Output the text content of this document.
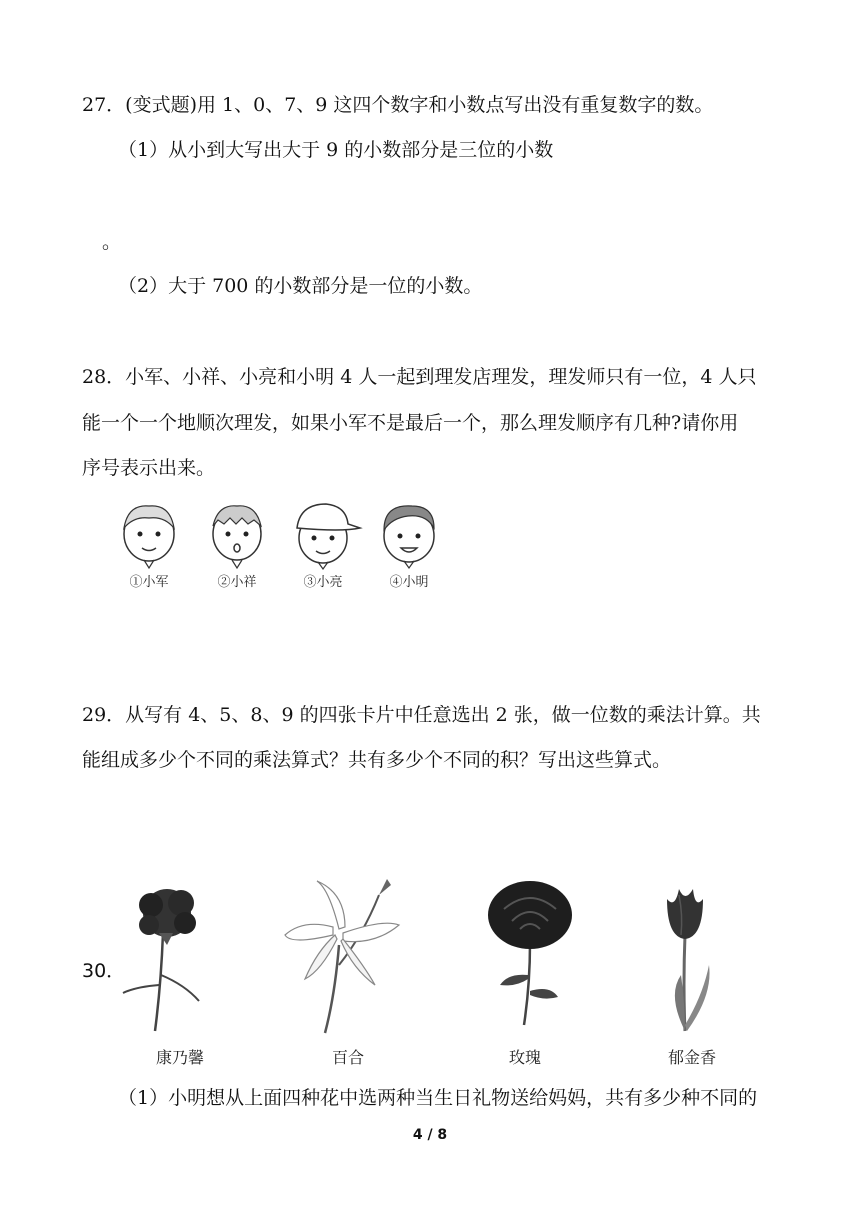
27．(变式题)用 1、0、7、9 这四个数字和小数点写出没有重复数字的数。
（1）从小到大写出大于 9 的小数部分是三位的小数
。
（2）大于 700 的小数部分是一位的小数。
28．小军、小祥、小亮和小明 4 人一起到理发店理发，理发师只有一位，4 人只
能一个一个地顺次理发，如果小军不是最后一个，那么理发顺序有几种?请你用
序号表示出来。
①小军	②小祥	③小亮	④小明
29．从写有 4、5、8、9 的四张卡片中任意选出 2 张，做一位数的乘法计算。共
能组成多少个不同的乘法算式？共有多少个不同的积？写出这些算式。
30．
康乃馨	百合	玫瑰	郁金香
（1）小明想从上面四种花中选两种当生日礼物送给妈妈，共有多少种不同的
4 / 8
